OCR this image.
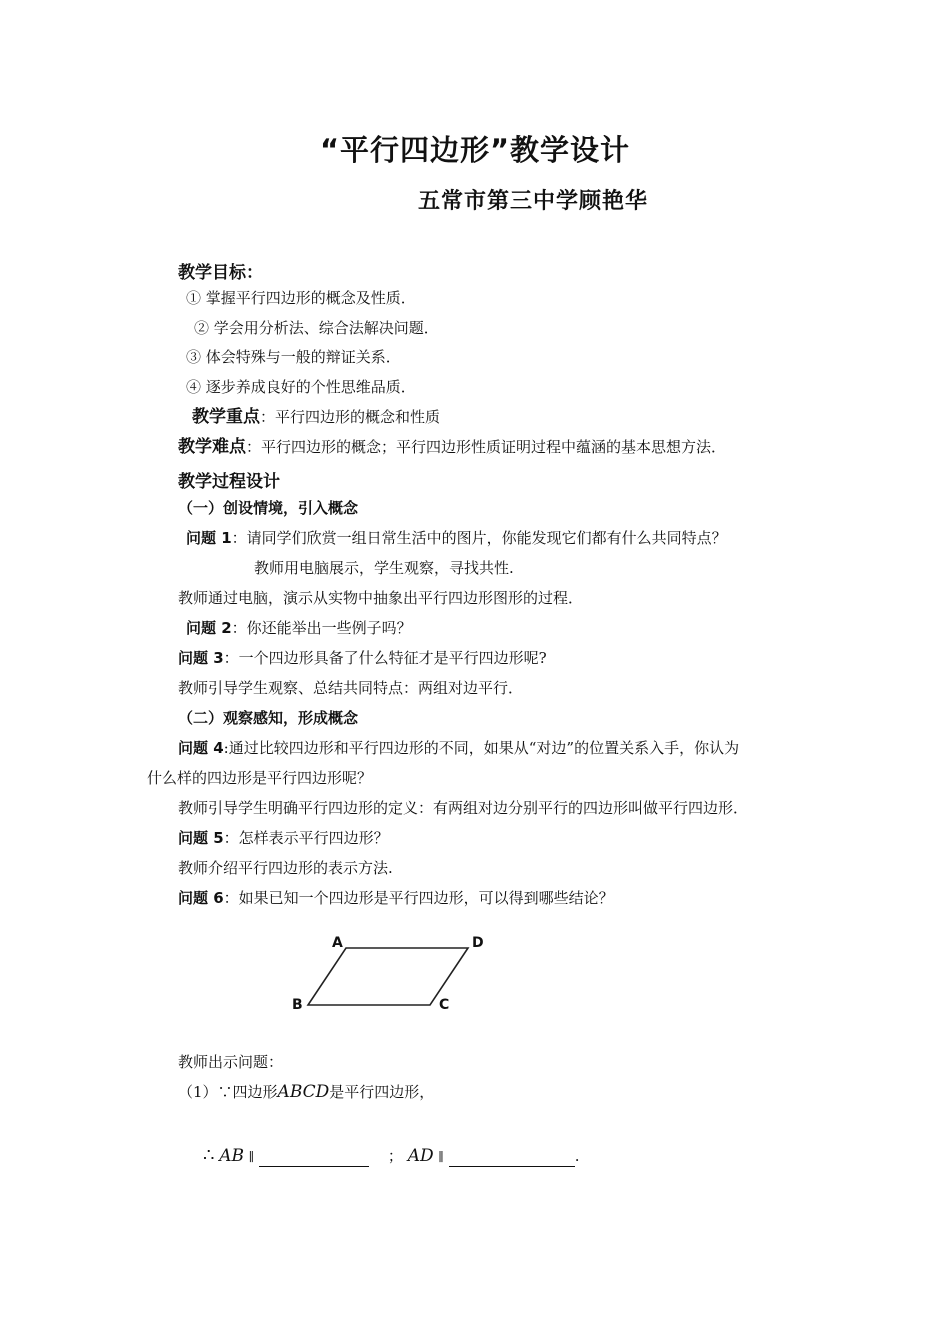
“平行四边形”教学设计
五常市第三中学顾艳华
教学目标：
① 掌握平行四边形的概念及性质．
② 学会用分析法、综合法解决问题．
③ 体会特殊与一般的辩证关系．
④ 逐步养成良好的个性思维品质．
教学重点：平行四边形的概念和性质
教学难点：平行四边形的概念；平行四边形性质证明过程中蕴涵的基本思想方法．
教学过程设计
（一）创设情境，引入概念
问题 1：请同学们欣赏一组日常生活中的图片，你能发现它们都有什么共同特点？
教师用电脑展示，学生观察，寻找共性.
教师通过电脑，演示从实物中抽象出平行四边形图形的过程．
问题 2：你还能举出一些例子吗？
问题 3：一个四边形具备了什么特征才是平行四边形呢?
教师引导学生观察、总结共同特点：两组对边平行．
（二）观察感知，形成概念
问题 4:通过比较四边形和平行四边形的不同，如果从“对边”的位置关系入手，你认为
什么样的四边形是平行四边形呢？
教师引导学生明确平行四边形的定义：有两组对边分别平行的四边形叫做平行四边形．
问题 5：怎样表示平行四边形？
教师介绍平行四边形的表示方法.
问题 6：如果已知一个四边形是平行四边形，可以得到哪些结论？
A	D
B	C
教师出示问题：
（1）∵四边形ABCD是平行四边形，
∴ AB ∥	； AD ∥	.
